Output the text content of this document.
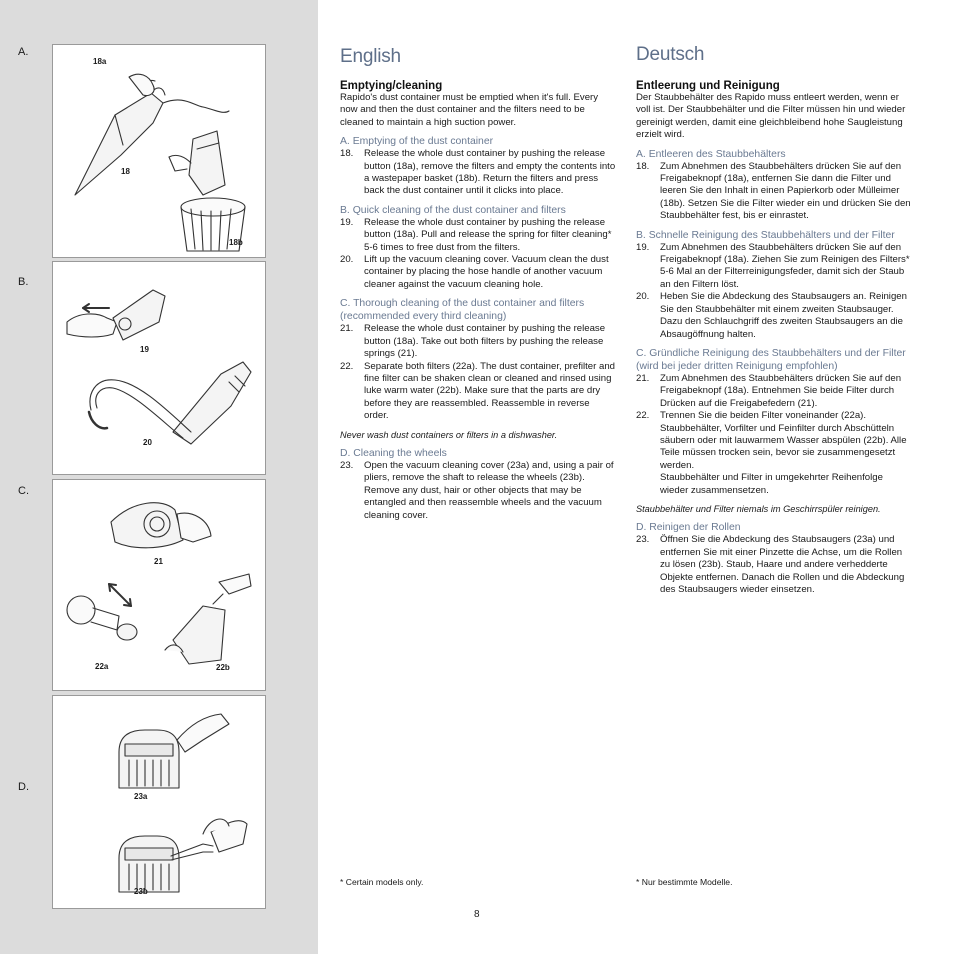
A.
18a
18
18b
B.
19
20
C.
21
22a	22b
D.
23a
23b
English
Emptying/cleaning
Rapido's dust container must be emptied when it's full. Every now and then the dust container and the filters need to be cleaned to maintain a high suction power.
A. Emptying of the dust container
18.	Release the whole dust container by pushing the release button (18a), remove the filters and empty the contents into a wastepaper basket (18b). Return the filters and press back the dust container until it clicks into place.
B. Quick cleaning of the dust container and filters
19.	Release the whole dust container by pushing the release button (18a). Pull and release the spring for filter cleaning* 5-6 times to free dust from the filters.
20.	Lift up the vacuum cleaning cover. Vacuum clean the dust container by placing the hose handle of another vacuum cleaner against the vacuum cleaning hole.
C. Thorough cleaning of the dust container and filters (recommended every third cleaning)
21.	Release the whole dust container by pushing the release button (18a). Take out both filters by pushing the release springs (21).
22.	Separate both filters (22a). The dust container, prefilter and fine filter can be shaken clean or cleaned and rinsed using luke warm water (22b). Make sure that the parts are dry before they are reassembled. Reassemble in reverse order.
Never wash dust containers or filters in a dishwasher.
D. Cleaning the wheels
23.	Open the vacuum cleaning cover (23a) and, using a pair of pliers, remove the shaft to release the wheels (23b). Remove any dust, hair or other objects that may be entangled and then reassemble wheels and the vacuum cleaning cover.
* Certain models only.
Deutsch
Entleerung und Reinigung
Der Staubbehälter des Rapido muss entleert werden, wenn er voll ist. Der Staubbehälter und die Filter müssen hin und wieder gereinigt werden, damit eine gleichbleibend hohe Saugleistung erzielt wird.
A. Entleeren des Staubbehälters
18.	Zum Abnehmen des Staubbehälters drücken Sie auf den Freigabeknopf (18a), entfernen Sie dann die Filter und leeren Sie den Inhalt in einen Papierkorb oder Mülleimer (18b). Setzen Sie die Filter wieder ein und drücken Sie den Staubbehälter fest, bis er einrastet.
B. Schnelle Reinigung des Staubbehälters und der Filter
19.	Zum Abnehmen des Staubbehälters drücken Sie auf den Freigabeknopf (18a). Ziehen Sie zum Reinigen des Filters* 5-6 Mal an der Filterreinigungsfeder, damit sich der Staub an den Filtern löst.
20.	Heben Sie die Abdeckung des Staubsaugers an. Reinigen Sie den Staubbehälter mit einem zweiten Staubsauger. Dazu den Schlauchgriff des zweiten Staubsaugers an die Absaugöffnung halten.
C. Gründliche Reinigung des Staubbehälters und der Filter (wird bei jeder dritten Reinigung empfohlen)
21.	Zum Abnehmen des Staubbehälters drücken Sie auf den Freigabeknopf (18a). Entnehmen Sie beide Filter durch Drücken auf die Freigabefedern (21).
22.	Trennen Sie die beiden Filter voneinander (22a). Staubbehälter, Vorfilter und Feinfilter durch Abschütteln säubern oder mit lauwarmem Wasser abspülen (22b). Alle Teile müssen trocken sein, bevor sie zusammengesetzt werden.
Staubbehälter und Filter in umgekehrter Reihenfolge wieder zusammensetzen.
Staubbehälter und Filter niemals im Geschirrspüler reinigen.
D. Reinigen der Rollen
23.	Öffnen Sie die Abdeckung des Staubsaugers (23a) und entfernen Sie mit einer Pinzette die Achse, um die Rollen zu lösen (23b). Staub, Haare und andere verhedderte Objekte entfernen. Danach die Rollen und die Abdeckung des Staubsaugers wieder einsetzen.
* Nur bestimmte Modelle.
8
